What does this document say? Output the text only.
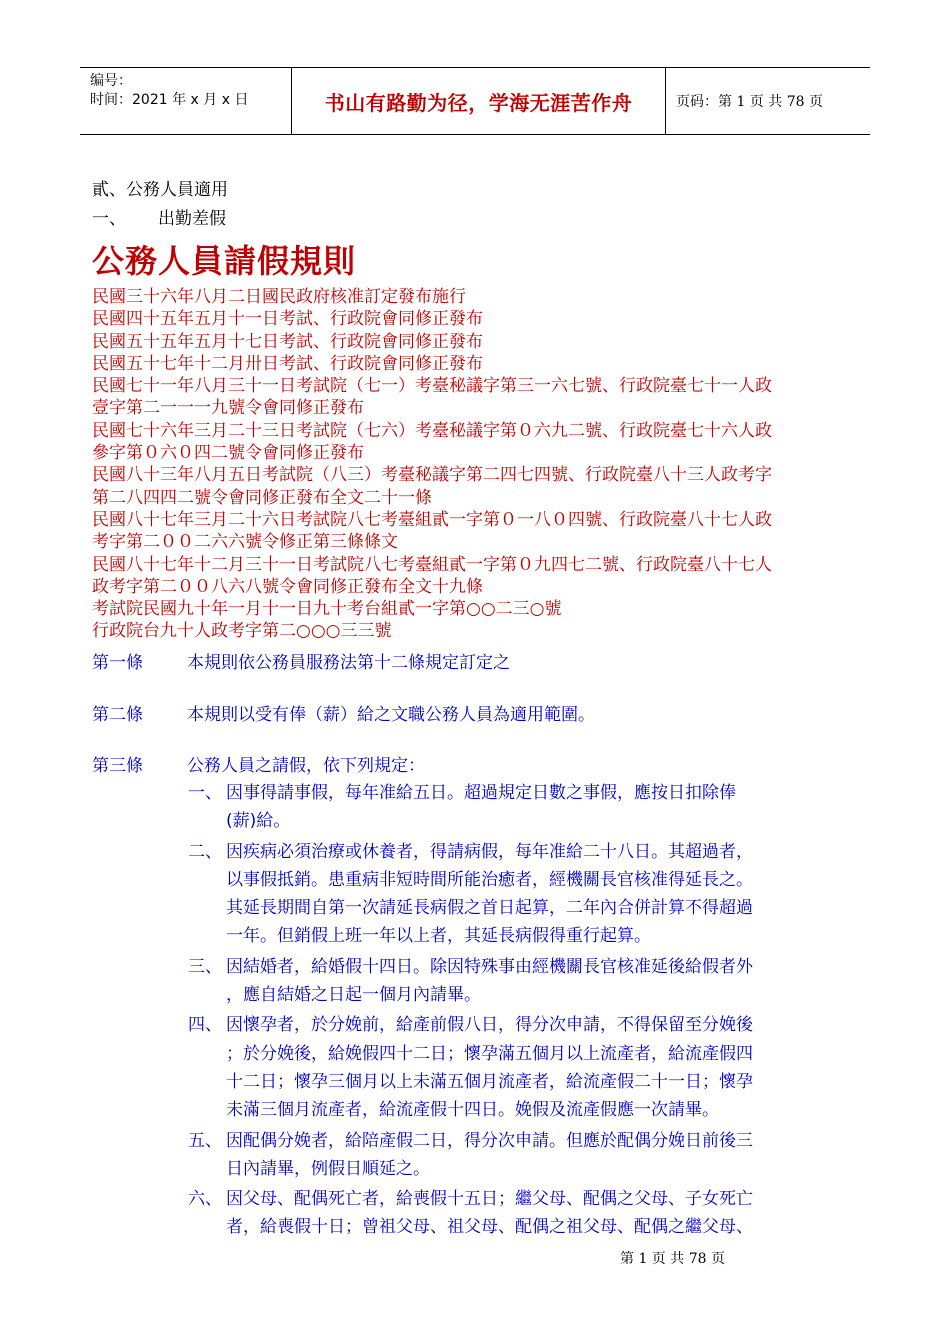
编号：
时间：2021 年 x 月 x 日	书山有路勤为径，学海无涯苦作舟	页码：第 1 页 共 78 页
貳、公務人員適用
一、 出勤差假
公務人員請假規則
民國三十六年八月二日國民政府核准訂定發布施行
民國四十五年五月十一日考試、行政院會同修正發布
民國五十五年五月十七日考試、行政院會同修正發布
民國五十七年十二月卅日考試、行政院會同修正發布
民國七十一年八月三十一日考試院（七一）考臺秘議字第三一六七號、行政院臺七十一人政
壹字第二一一一九號令會同修正發布
民國七十六年三月二十三日考試院（七六）考臺秘議字第０六九二號、行政院臺七十六人政
參字第０六０四二號令會同修正發布
民國八十三年八月五日考試院（八三）考臺秘議字第二四七四號、行政院臺八十三人政考字
第二八四四二號令會同修正發布全文二十一條
民國八十七年三月二十六日考試院八七考臺組貳一字第０一八０四號、行政院臺八十七人政
考字第二００二六六號令修正第三條條文
民國八十七年十二月三十一日考試院八七考臺組貳一字第０九四七二號、行政院臺八十七人
政考字第二００八六八號令會同修正發布全文十九條
考試院民國九十年一月十一日九十考台組貳一字第○○二三○號
行政院台九十人政考字第二○○○三三號
第一條	本規則依公務員服務法第十二條規定訂定之
第二條	本規則以受有俸（薪）給之文職公務人員為適用範圍。
第三條	公務人員之請假，依下列規定：
一、 因事得請事假，每年准給五日。超過規定日數之事假，應按日扣除俸
(薪)給。
二、 因疾病必須治療或休養者，得請病假，每年准給二十八日。其超過者，
以事假抵銷。患重病非短時間所能治癒者，經機關長官核准得延長之。
其延長期間自第一次請延長病假之首日起算，二年內合併計算不得超過
一年。但銷假上班一年以上者，其延長病假得重行起算。
三、 因結婚者，給婚假十四日。除因特殊事由經機關長官核准延後給假者外
，應自結婚之日起一個月內請畢。
四、 因懷孕者，於分娩前，給產前假八日，得分次申請，不得保留至分娩後
；於分娩後，給娩假四十二日；懷孕滿五個月以上流產者，給流產假四
十二日；懷孕三個月以上未滿五個月流產者，給流產假二十一日；懷孕
未滿三個月流產者，給流產假十四日。娩假及流產假應一次請畢。
五、 因配偶分娩者，給陪產假二日，得分次申請。但應於配偶分娩日前後三
日內請畢，例假日順延之。
六、 因父母、配偶死亡者，給喪假十五日；繼父母、配偶之父母、子女死亡
者，給喪假十日；曾祖父母、祖父母、配偶之祖父母、配偶之繼父母、
第 1 页 共 78 页
